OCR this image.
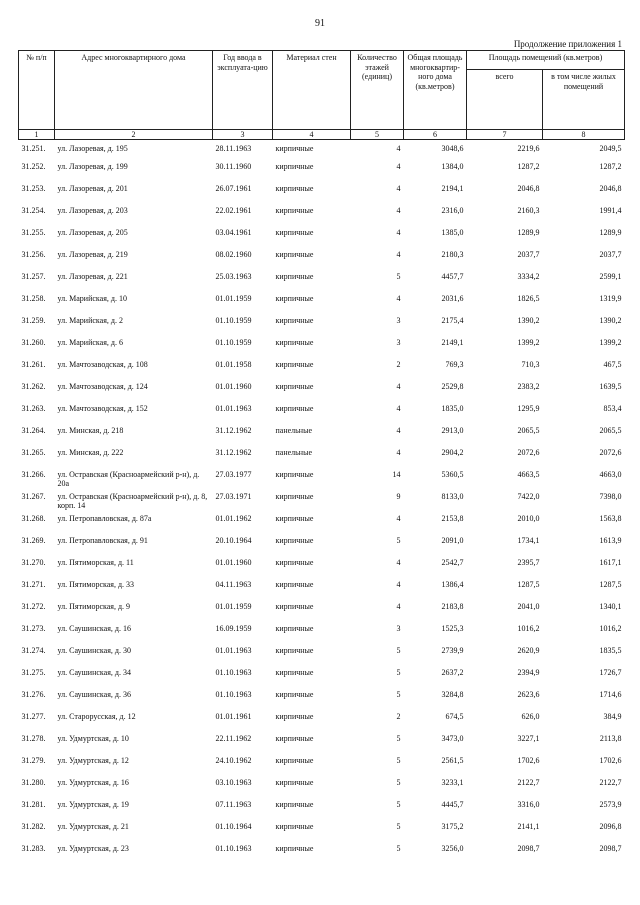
91
Продолжение приложения 1
№ п/п	Адрес многоквартирного дома	Год ввода в эксплуата-цию	Материал стен	Количество этажей (единиц)	Общая площадь многоквартир-ного дома (кв.метров)	Площадь помещений (кв.метров)	
						всего	в том числе жилых помещений
1	2	3	4	5	6	7	8
31.251.	ул. Лазоревая, д. 195	28.11.1963	кирпичные	4	3048,6	2219,6	2049,5
31.252.	ул. Лазоревая, д. 199	30.11.1960	кирпичные	4	1384,0	1287,2	1287,2
31.253.	ул. Лазоревая, д. 201	26.07.1961	кирпичные	4	2194,1	2046,8	2046,8
31.254.	ул. Лазоревая, д. 203	22.02.1961	кирпичные	4	2316,0	2160,3	1991,4
31.255.	ул. Лазоревая, д. 205	03.04.1961	кирпичные	4	1385,0	1289,9	1289,9
31.256.	ул. Лазоревая, д. 219	08.02.1960	кирпичные	4	2180,3	2037,7	2037,7
31.257.	ул. Лазоревая, д. 221	25.03.1963	кирпичные	5	4457,7	3334,2	2599,1
31.258.	ул. Марийская, д. 10	01.01.1959	кирпичные	4	2031,6	1826,5	1319,9
31.259.	ул. Марийская, д. 2	01.10.1959	кирпичные	3	2175,4	1390,2	1390,2
31.260.	ул. Марийская, д. 6	01.10.1959	кирпичные	3	2149,1	1399,2	1399,2
31.261.	ул. Мачтозаводская, д. 108	01.01.1958	кирпичные	2	769,3	710,3	467,5
31.262.	ул. Мачтозаводская, д. 124	01.01.1960	кирпичные	4	2529,8	2383,2	1639,5
31.263.	ул. Мачтозаводская, д. 152	01.01.1963	кирпичные	4	1835,0	1295,9	853,4
31.264.	ул. Минская, д. 218	31.12.1962	панельные	4	2913,0	2065,5	2065,5
31.265.	ул. Минская, д. 222	31.12.1962	панельные	4	2904,2	2072,6	2072,6
31.266.	ул. Остравская (Красноармейский р-н), д. 20а	27.03.1977	кирпичные	14	5360,5	4663,5	4663,0
31.267.	ул. Остравская (Красноармейский р-н), д. 8, корп. 14	27.03.1971	кирпичные	9	8133,0	7422,0	7398,0
31.268.	ул. Петропавловская, д. 87а	01.01.1962	кирпичные	4	2153,8	2010,0	1563,8
31.269.	ул. Петропавловская, д. 91	20.10.1964	кирпичные	5	2091,0	1734,1	1613,9
31.270.	ул. Пятиморская, д. 11	01.01.1960	кирпичные	4	2542,7	2395,7	1617,1
31.271.	ул. Пятиморская, д. 33	04.11.1963	кирпичные	4	1386,4	1287,5	1287,5
31.272.	ул. Пятиморская, д. 9	01.01.1959	кирпичные	4	2183,8	2041,0	1340,1
31.273.	ул. Саушинская, д. 16	16.09.1959	кирпичные	3	1525,3	1016,2	1016,2
31.274.	ул. Саушинская, д. 30	01.01.1963	кирпичные	5	2739,9	2620,9	1835,5
31.275.	ул. Саушинская, д. 34	01.10.1963	кирпичные	5	2637,2	2394,9	1726,7
31.276.	ул. Саушинская, д. 36	01.10.1963	кирпичные	5	3284,8	2623,6	1714,6
31.277.	ул. Старорусская, д. 12	01.01.1961	кирпичные	2	674,5	626,0	384,9
31.278.	ул. Удмуртская, д. 10	22.11.1962	кирпичные	5	3473,0	3227,1	2113,8
31.279.	ул. Удмуртская, д. 12	24.10.1962	кирпичные	5	2561,5	1702,6	1702,6
31.280.	ул. Удмуртская, д. 16	03.10.1963	кирпичные	5	3233,1	2122,7	2122,7
31.281.	ул. Удмуртская, д. 19	07.11.1963	кирпичные	5	4445,7	3316,0	2573,9
31.282.	ул. Удмуртская, д. 21	01.10.1964	кирпичные	5	3175,2	2141,1	2096,8
31.283.	ул. Удмуртская, д. 23	01.10.1963	кирпичные	5	3256,0	2098,7	2098,7
